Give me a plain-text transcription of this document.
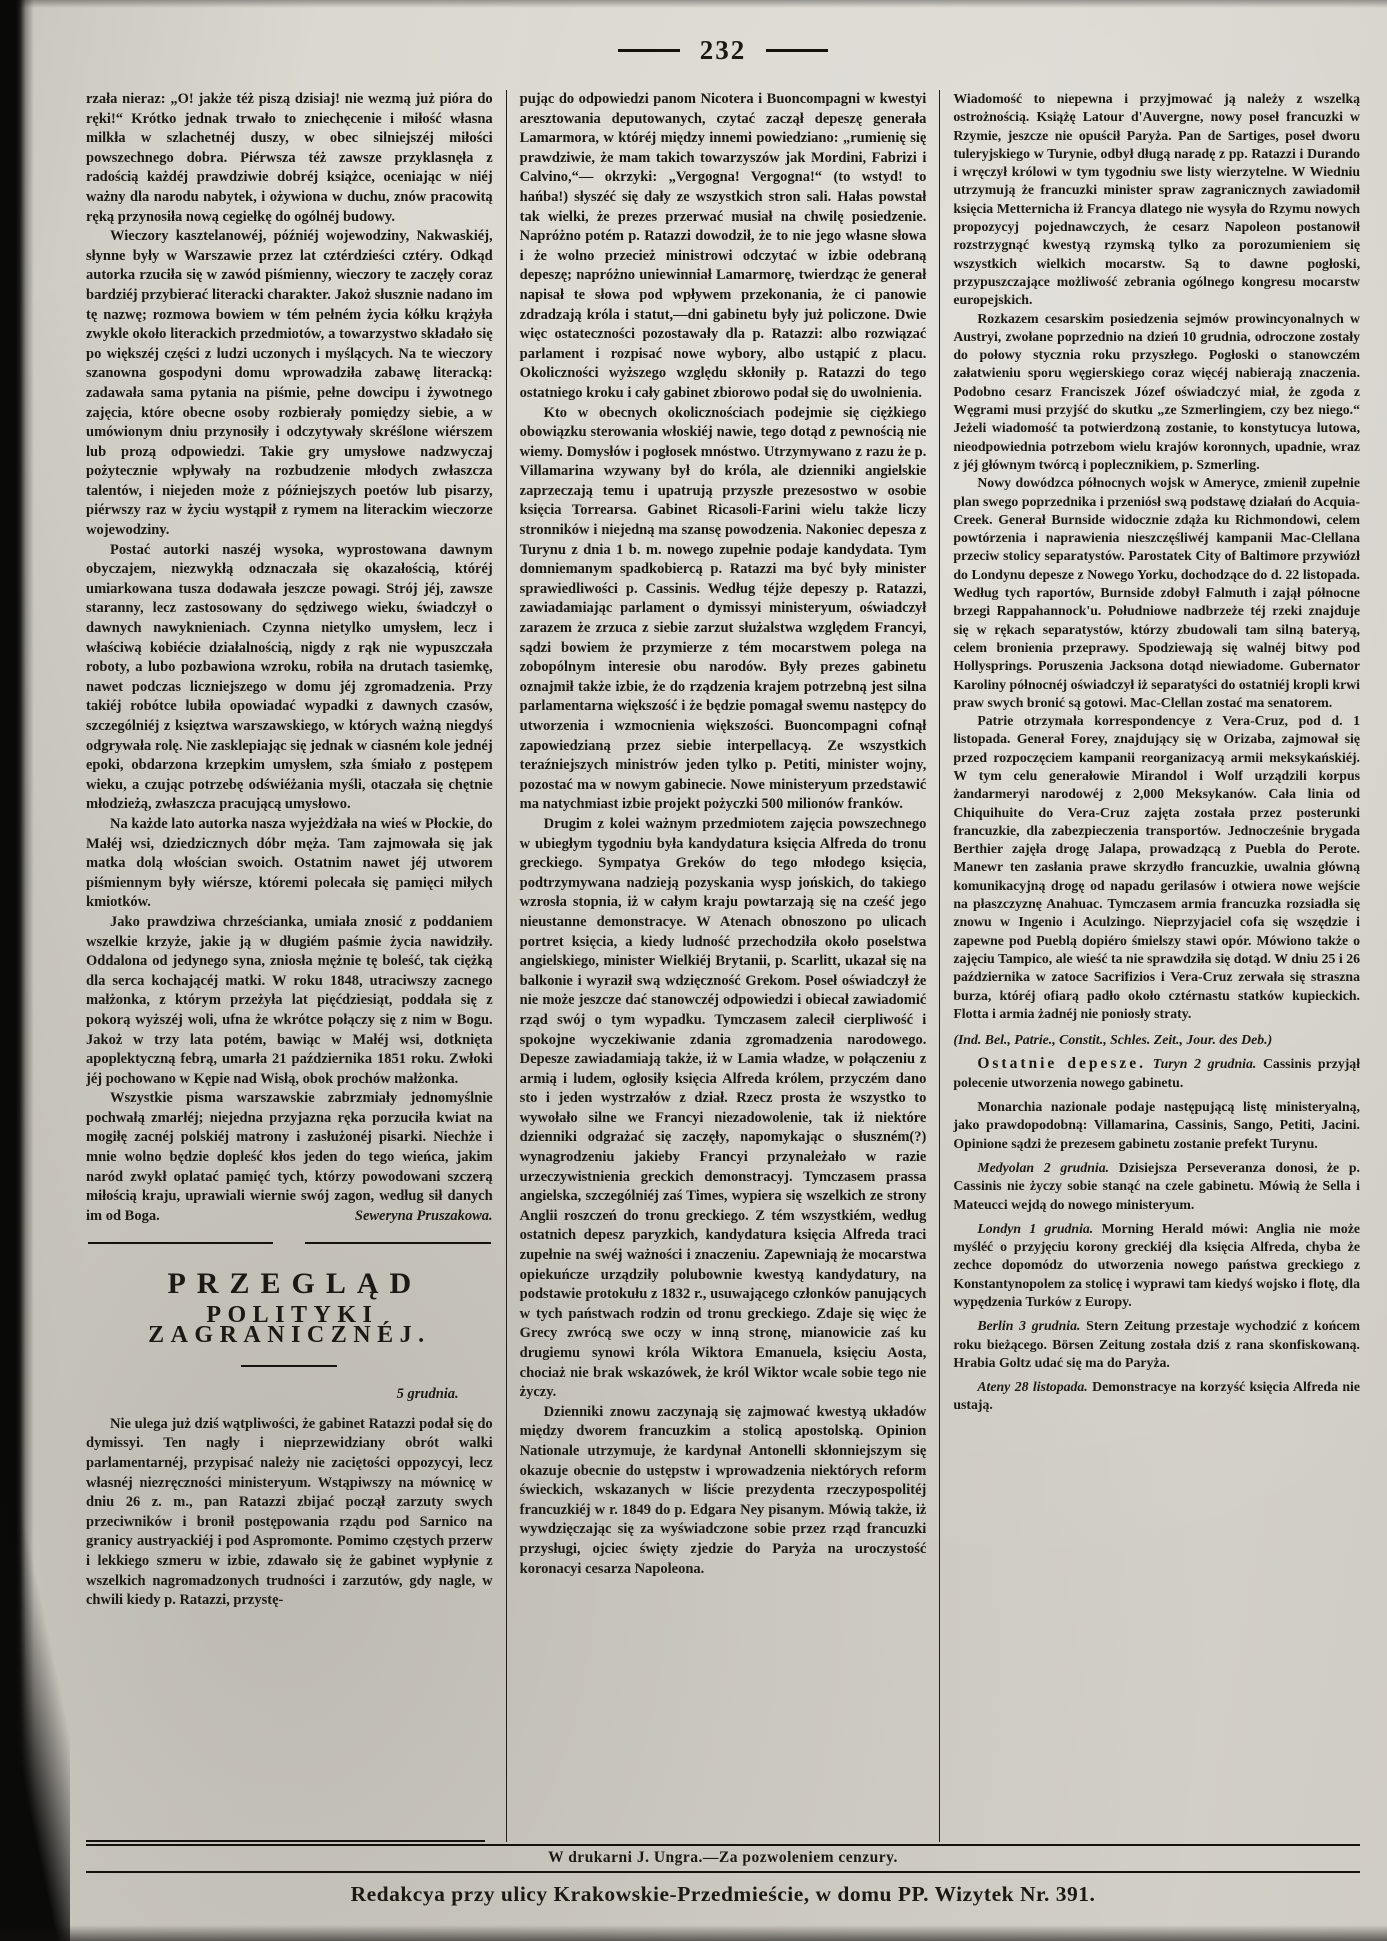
232

rzała nieraz: „O! jakże téż piszą dzisiaj! nie wezmą już pióra do ręki!“ Krótko jednak trwało to zniechęcenie i miłość własna milkła w szlachetnéj duszy, w obec silniejszéj miłości powszechnego dobra. Piérwsza téż zawsze przyklasnęła z radością każdéj prawdziwie dobréj książce, oceniając w niéj ważny dla narodu nabytek, i ożywiona w duchu, znów pracowitą ręką przynosiła nową cegiełkę do ogólnéj budowy.

Wieczory kasztelanowéj, późniéj wojewodziny, Nakwaskiéj, słynne były w Warszawie przez lat cztérdzieści cztéry. Odkąd autorka rzuciła się w zawód piśmienny, wieczory te zaczęły coraz bardziéj przybierać literacki charakter. Jakoż słusznie nadano im tę nazwę; rozmowa bowiem w tém pełném życia kółku krążyła zwykle około literackich przedmiotów, a towarzystwo składało się po większéj części z ludzi uczonych i myślących. Na te wieczory szanowna gospodyni domu wprowadziła zabawę literacką: zadawała sama pytania na piśmie, pełne dowcipu i żywotnego zajęcia, które obecne osoby rozbierały pomiędzy siebie, a w umówionym dniu przynosiły i odczytywały skréślone wiérszem lub prozą odpowiedzi. Takie gry umysłowe nadzwyczaj pożytecznie wpływały na rozbudzenie młodych zwłaszcza talentów, i niejeden może z późniejszych poetów lub pisarzy, piérwszy raz w życiu wystąpił z rymem na literackim wieczorze wojewodziny.

Postać autorki naszéj wysoka, wyprostowana dawnym obyczajem, niezwykłą odznaczała się okazałością, któréj umiarkowana tusza dodawała jeszcze powagi. Strój jéj, zawsze staranny, lecz zastosowany do sędziwego wieku, świadczył o dawnych nawyknieniach. Czynna nietylko umysłem, lecz i właściwą kobiécie działalnością, nigdy z rąk nie wypuszczała roboty, a lubo pozbawiona wzroku, robiła na drutach tasiemkę, nawet podczas liczniejszego w domu jéj zgromadzenia. Przy takiéj robótce lubiła opowiadać wypadki z dawnych czasów, szczególniéj z księztwa warszawskiego, w których ważną niegdyś odgrywała rolę. Nie zasklepiając się jednak w ciasném kole jednéj epoki, obdarzona krzepkim umysłem, szła śmiało z postępem wieku, a czując potrzebę odświéżania myśli, otaczała się chętnie młodzieżą, zwłaszcza pracującą umysłowo.

Na każde lato autorka nasza wyjeżdżała na wieś w Płockie, do Małéj wsi, dziedzicznych dóbr męża. Tam zajmowała się jak matka dolą włościan swoich. Ostatnim nawet jéj utworem piśmiennym były wiérsze, któremi polecała się pamięci miłych kmiotków.

Jako prawdziwa chrześcianka, umiała znosić z poddaniem wszelkie krzyże, jakie ją w długiém paśmie życia nawidziły. Oddalona od jedynego syna, zniosła mężnie tę boleść, tak ciężką dla serca kochającéj matki. W roku 1848, utraciwszy zacnego małżonka, z którym przeżyła lat pięćdziesiąt, poddała się z pokorą wyższéj woli, ufna że wkrótce połączy się z nim w Bogu. Jakoż w trzy lata potém, bawiąc w Małéj wsi, dotknięta apoplektyczną febrą, umarła 21 października 1851 roku. Zwłoki jéj pochowano w Kępie nad Wisłą, obok prochów małżonka.

Wszystkie pisma warszawskie zabrzmiały jednomyślnie pochwałą zmarłéj; niejedna przyjazna ręka porzuciła kwiat na mogiłę zacnéj polskiéj matrony i zasłużonéj pisarki. Niechże i mnie wolno będzie dopleść kłos jeden do tego wieńca, jakim naród zwykł oplatać pamięć tych, którzy powodowani szczerą miłością kraju, uprawiali wiernie swój zagon, według sił danych im od Boga.	Seweryna Pruszakowa.

PRZEGLĄD
POLITYKI ZAGRANICZNÉJ.
5 grudnia.

Nie ulega już dziś wątpliwości, że gabinet Ratazzi podał się do dymissyi. Ten nagły i nieprzewidziany obrót walki parlamentarnéj, przypisać należy nie zaciętości oppozycyi, lecz własnéj niezręczności ministeryum. Wstąpiwszy na mównicę w dniu 26 z. m., pan Ratazzi zbijać począł zarzuty swych przeciwników i bronił postępowania rządu pod Sarnico na granicy austryackiéj i pod Aspromonte. Pomimo częstych przerw i lekkiego szmeru w izbie, zdawało się że gabinet wypłynie z wszelkich nagromadzonych trudności i zarzutów, gdy nagle, w chwili kiedy p. Ratazzi, przystę-

pując do odpowiedzi panom Nicotera i Buoncompagni w kwestyi aresztowania deputowanych, czytać zaczął depeszę generała Lamarmora, w któréj między innemi powiedziano: „rumienię się prawdziwie, że mam takich towarzyszów jak Mordini, Fabrizi i Calvino,“— okrzyki: „Vergogna! Vergogna!“ (to wstyd! to hańba!) słyszéć się dały ze wszystkich stron sali. Hałas powstał tak wielki, że prezes przerwać musiał na chwilę posiedzenie. Napróżno potém p. Ratazzi dowodził, że to nie jego własne słowa i że wolno przecież ministrowi odczytać w izbie odebraną depeszę; napróżno uniewinniał Lamarmorę, twierdząc że generał napisał te słowa pod wpływem przekonania, że ci panowie zdradzają króla i statut,—dni gabinetu były już policzone. Dwie więc ostateczności pozostawały dla p. Ratazzi: albo rozwiązać parlament i rozpisać nowe wybory, albo ustąpić z placu. Okoliczności wyższego względu skłoniły p. Ratazzi do tego ostatniego kroku i cały gabinet zbiorowo podał się do uwolnienia.

Kto w obecnych okolicznościach podejmie się ciężkiego obowiązku sterowania włoskiéj nawie, tego dotąd z pewnością nie wiemy. Domysłów i pogłosek mnóstwo. Utrzymywano z razu że p. Villamarina wzywany był do króla, ale dzienniki angielskie zaprzeczają temu i upatrują przyszłe prezesostwo w osobie księcia Torrearsa. Gabinet Ricasoli-Farini wielu także liczy stronników i niejedną ma szansę powodzenia. Nakoniec depesza z Turynu z dnia 1 b. m. nowego zupełnie podaje kandydata. Tym domniemanym spadkobiercą p. Ratazzi ma być były minister sprawiedliwości p. Cassinis. Według téjże depeszy p. Ratazzi, zawiadamiając parlament o dymissyi ministeryum, oświadczył zarazem że zrzuca z siebie zarzut służalstwa względem Francyi, sądzi bowiem że przymierze z tém mocarstwem polega na zobopólnym interesie obu narodów. Były prezes gabinetu oznajmił także izbie, że do rządzenia krajem potrzebną jest silna parlamentarna większość i że będzie pomagał swemu następcy do utworzenia i wzmocnienia większości. Buoncompagni cofnął zapowiedzianą przez siebie interpellacyą. Ze wszystkich teraźniejszych ministrów jeden tylko p. Petiti, minister wojny, pozostać ma w nowym gabinecie. Nowe ministeryum przedstawić ma natychmiast izbie projekt pożyczki 500 milionów franków.

Drugim z kolei ważnym przedmiotem zajęcia powszechnego w ubiegłym tygodniu była kandydatura księcia Alfreda do tronu greckiego. Sympatya Greków do tego młodego księcia, podtrzymywana nadzieją pozyskania wysp jońskich, do takiego wzrosła stopnia, iż w całym kraju powtarzają się na cześć jego nieustanne demonstracye. W Atenach obnoszono po ulicach portret księcia, a kiedy ludność przechodziła około poselstwa angielskiego, minister Wielkiéj Brytanii, p. Scarlitt, ukazał się na balkonie i wyraził swą wdzięczność Grekom. Poseł oświadczył że nie może jeszcze dać stanowczéj odpowiedzi i obiecał zawiadomić rząd swój o tym wypadku. Tymczasem zalecił cierpliwość i spokojne wyczekiwanie zdania zgromadzenia narodowego. Depesze zawiadamiają także, iż w Lamia władze, w połączeniu z armią i ludem, ogłosiły księcia Alfreda królem, przyczém dano sto i jeden wystrzałów z dział. Rzecz prosta że wszystko to wywołało silne we Francyi niezadowolenie, tak iż niektóre dzienniki odgrażać się zaczęły, napomykając o słuszném(?) wynagrodzeniu jakieby Francyi przynależało w razie urzeczywistnienia greckich demonstracyj. Tymczasem prassa angielska, szczególniéj zaś Times, wypiera się wszelkich ze strony Anglii roszczeń do tronu greckiego. Z tém wszystkiém, według ostatnich depesz paryzkich, kandydatura księcia Alfreda traci zupełnie na swéj ważności i znaczeniu. Zapewniają że mocarstwa opiekuńcze urządziły polubownie kwestyą kandydatury, na podstawie protokułu z 1832 r., usuwającego członków panujących w tych państwach rodzin od tronu greckiego. Zdaje się więc że Grecy zwrócą swe oczy w inną stronę, mianowicie zaś ku drugiemu synowi króla Wiktora Emanuela, księciu Aosta, chociaż nie brak wskazówek, że król Wiktor wcale sobie tego nie życzy.

Dzienniki znowu zaczynają się zajmować kwestyą układów między dworem francuzkim a stolicą apostolską. Opinion Nationale utrzymuje, że kardynał Antonelli skłonniejszym się okazuje obecnie do ustępstw i wprowadzenia niektórych reform świeckich, wskazanych w liście prezydenta rzeczypospolitéj francuzkiéj w r. 1849 do p. Edgara Ney pisanym. Mówią także, iż wywdzięczając się za wyświadczone sobie przez rząd francuzki przysługi, ojciec święty zjedzie do Paryża na uroczystość koronacyi cesarza Napoleona.

Wiadomość to niepewna i przyjmować ją należy z wszelką ostrożnością. Książę Latour d'Auvergne, nowy poseł francuzki w Rzymie, jeszcze nie opuścił Paryża. Pan de Sartiges, poseł dworu tuleryjskiego w Turynie, odbył długą naradę z pp. Ratazzi i Durando i wręczył królowi w tym tygodniu swe listy wierzytelne. W Wiedniu utrzymują że francuzki minister spraw zagranicznych zawiadomił księcia Metternicha iż Francya dlatego nie wysyła do Rzymu nowych propozycyj pojednawczych, że cesarz Napoleon postanowił rozstrzygnąć kwestyą rzymską tylko za porozumieniem się wszystkich wielkich mocarstw. Są to dawne pogłoski, przypuszczające możliwość zebrania ogólnego kongresu mocarstw europejskich.

Rozkazem cesarskim posiedzenia sejmów prowincyonalnych w Austryi, zwołane poprzednio na dzień 10 grudnia, odroczone zostały do połowy stycznia roku przyszłego. Pogłoski o stanowczém załatwieniu sporu węgierskiego coraz więcéj nabierają znaczenia. Podobno cesarz Franciszek Józef oświadczyć miał, że zgoda z Węgrami musi przyjść do skutku „ze Szmerlingiem, czy bez niego.“ Jeżeli wiadomość ta potwierdzoną zostanie, to konstytucya lutowa, nieodpowiednia potrzebom wielu krajów koronnych, upadnie, wraz z jéj głównym twórcą i poplecznikiem, p. Szmerling.

Nowy dowódzca północnych wojsk w Ameryce, zmienił zupełnie plan swego poprzednika i przeniósł swą podstawę działań do Acquia-Creek. Generał Burnside widocznie zdąża ku Richmondowi, celem powtórzenia i naprawienia nieszczęśliwéj kampanii Mac-Clellana przeciw stolicy separatystów. Parostatek City of Baltimore przywiózł do Londynu depesze z Nowego Yorku, dochodzące do d. 22 listopada. Według tych raportów, Burnside zdobył Falmuth i zajął północne brzegi Rappahannock'u. Południowe nadbrzeże téj rzeki znajduje się w rękach separatystów, którzy zbudowali tam silną bateryą, celem bronienia przeprawy. Spodziewają się walnéj bitwy pod Hollysprings. Poruszenia Jacksona dotąd niewiadome. Gubernator Karoliny północnéj oświadczył iż separatyści do ostatniéj kropli krwi praw swych bronić są gotowi. Mac-Clellan zostać ma senatorem.

Patrie otrzymała korrespondencye z Vera-Cruz, pod d. 1 listopada. Generał Forey, znajdujący się w Orizaba, zajmował się przed rozpoczęciem kampanii reorganizacyą armii meksykańskiéj. W tym celu generałowie Mirandol i Wolf urządzili korpus żandarmeryi narodowéj z 2,000 Meksykanów. Cała linia od Chiquihuite do Vera-Cruz zajęta została przez posterunki francuzkie, dla zabezpieczenia transportów. Jednocześnie brygada Berthier zajęła drogę Jalapa, prowadzącą z Puebla do Perote. Manewr ten zasłania prawe skrzydło francuzkie, uwalnia główną komunikacyjną drogę od napadu gerilasów i otwiera nowe wejście na płaszczyznę Anahuac. Tymczasem armia francuzka rozsiadła się znowu w Ingenio i Aculzingo. Nieprzyjaciel cofa się wszędzie i zapewne pod Pueblą dopiéro śmielszy stawi opór. Mówiono także o zajęciu Tampico, ale wieść ta nie sprawdziła się dotąd. W dniu 25 i 26 października w zatoce Sacrifizios i Vera-Cruz zerwała się straszna burza, któréj ofiarą padło około cztérnastu statków kupieckich. Flotta i armia żadnéj nie poniosły straty.

(Ind. Bel., Patrie., Constit., Schles. Zeit., Jour. des Deb.)

Ostatnie depesze. Turyn 2 grudnia. Cassinis przyjął polecenie utworzenia nowego gabinetu.

Monarchia nazionale podaje następującą listę ministeryalną, jako prawdopodobną: Villamarina, Cassinis, Sango, Petiti, Jacini. Opinione sądzi że prezesem gabinetu zostanie prefekt Turynu.

Medyolan 2 grudnia. Dzisiejsza Perseveranza donosi, że p. Cassinis nie życzy sobie stanąć na czele gabinetu. Mówią że Sella i Mateucci wejdą do nowego ministeryum.

Londyn 1 grudnia. Morning Herald mówi: Anglia nie może myśléć o przyjęciu korony greckiéj dla księcia Alfreda, chyba że zechce dopomódz do utworzenia nowego państwa greckiego z Konstantynopolem za stolicę i wyprawi tam kiedyś wojsko i flotę, dla wypędzenia Turków z Europy.

Berlin 3 grudnia. Stern Zeitung przestaje wychodzić z końcem roku bieżącego. Börsen Zeitung została dziś z rana skonfiskowaną. Hrabia Goltz udać się ma do Paryża.

Ateny 28 listopada. Demonstracye na korzyść księcia Alfreda nie ustają.

W drukarni J. Ungra.—Za pozwoleniem cenzury.
Redakcya przy ulicy Krakowskie-Przedmieście, w domu PP. Wizytek Nr. 391.
